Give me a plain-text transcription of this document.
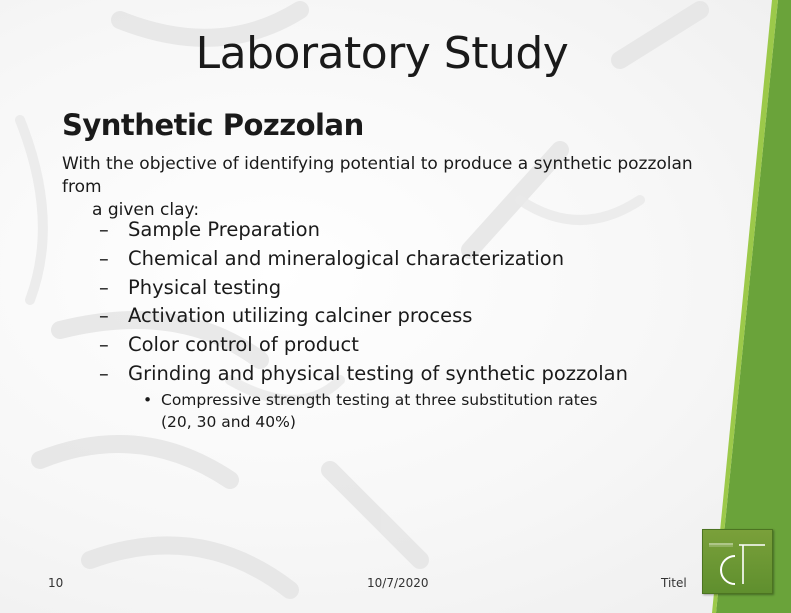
Laboratory Study
Synthetic Pozzolan
With the objective of identifying potential to produce a synthetic pozzolan from
a given clay:
– Sample Preparation
– Chemical and mineralogical characterization
– Physical testing
– Activation utilizing calciner process
– Color control of product
– Grinding and physical testing of synthetic pozzolan
• Compressive strength testing at three substitution rates
(20, 30 and 40%)
10	10/7/2020	Titel
